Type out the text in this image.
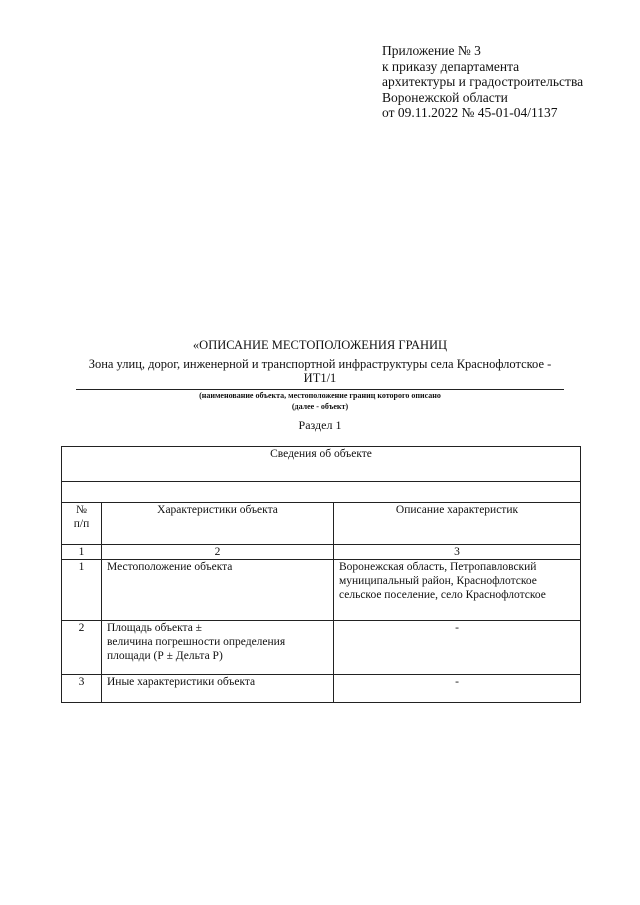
Приложение № 3
к приказу департамента
архитектуры и градостроительства
Воронежской области
от 09.11.2022 № 45-01-04/1137
«ОПИСАНИЕ МЕСТОПОЛОЖЕНИЯ ГРАНИЦ
Зона улиц, дорог, инженерной и транспортной инфраструктуры села Краснофлотское -
ИТ1/1
(наименование объекта, местоположение границ которого описано
(далее - объект)
Раздел 1
Сведения об объекте		

№
п/п	Характеристики объекта	Описание характеристик
1	2	3
1	Местоположение объекта	Воронежская область, Петропавловский
муниципальный район, Краснофлотское
сельское поселение, село Краснофлотское

2	Площадь объекта ±
величина погрешности определения
площади (Р ± Дельта Р)	-
3	Иные характеристики объекта	-
